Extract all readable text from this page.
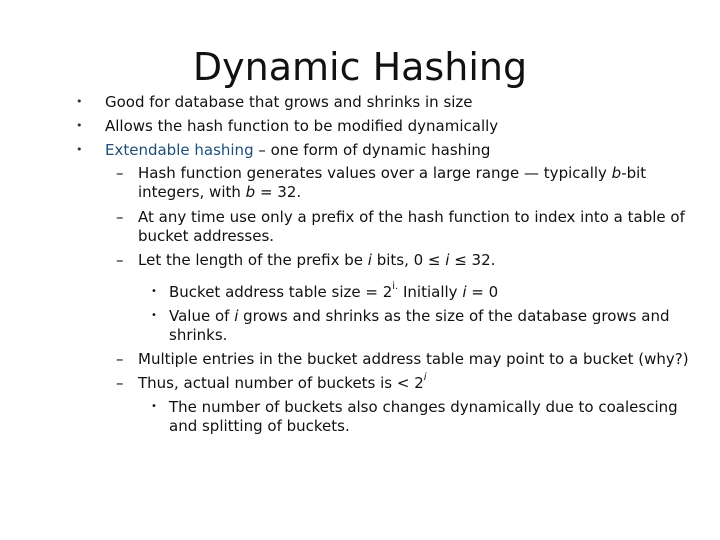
Dynamic Hashing
• Good for database that grows and shrinks in size
• Allows the hash function to be modified dynamically
• Extendable hashing – one form of dynamic hashing
– Hash function generates values over a large range — typically b-bit
integers, with b = 32.
– At any time use only a prefix of the hash function to index into a table of
bucket addresses.
– Let the length of the prefix be i bits, 0 ≤ i ≤ 32.
• Bucket address table size = $2^{i.}$ Initially i = 0
• Value of i grows and shrinks as the size of the database grows and
shrinks.
– Multiple entries in the bucket address table may point to a bucket (why?)
– Thus, actual number of buckets is < $2^i$
• The number of buckets also changes dynamically due to coalescing
and splitting of buckets.
